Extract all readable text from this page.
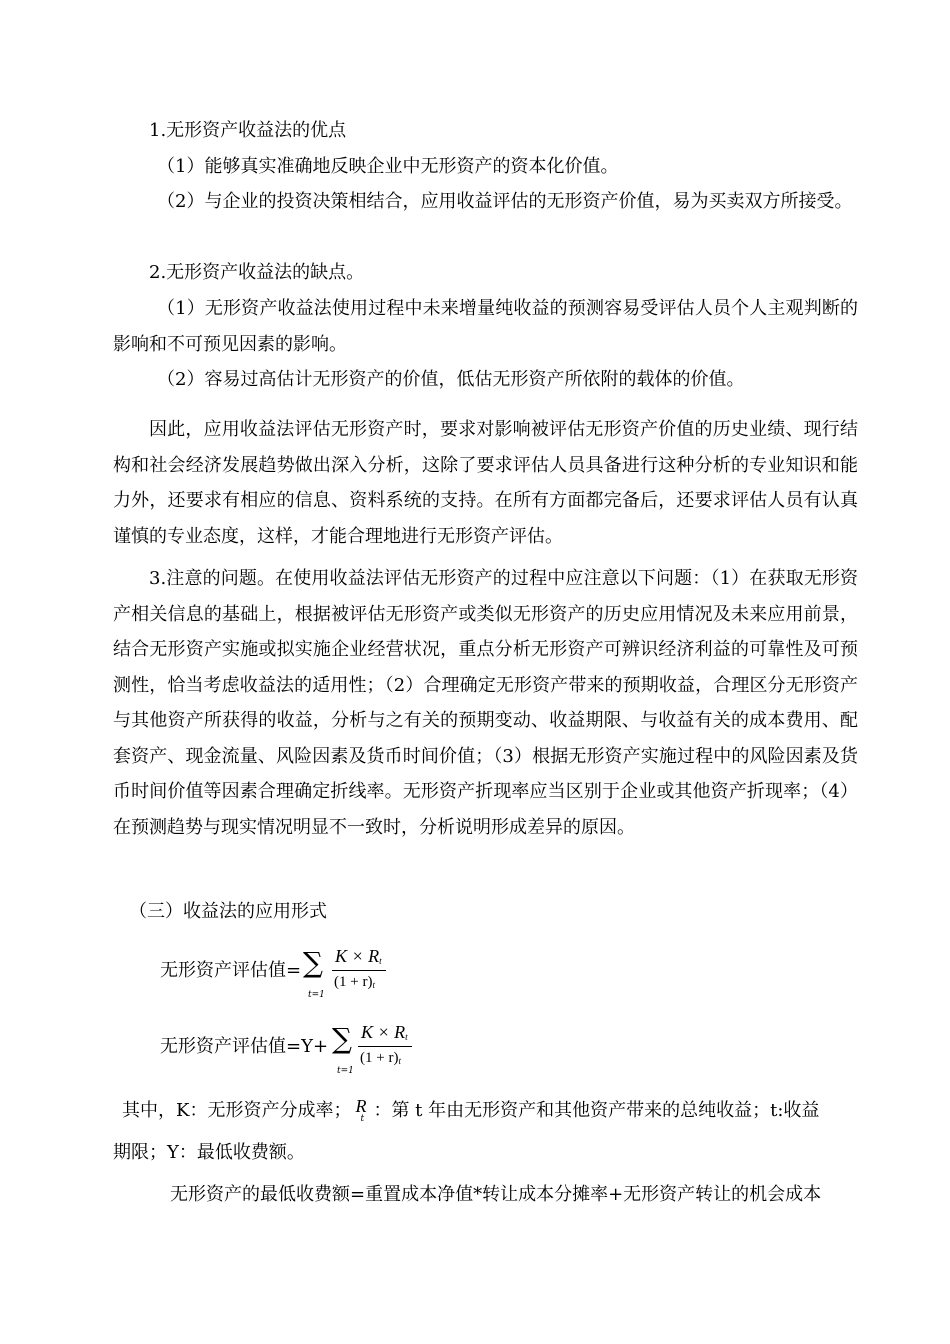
1.无形资产收益法的优点

（1）能够真实准确地反映企业中无形资产的资本化价值。

（2）与企业的投资决策相结合，应用收益评估的无形资产价值，易为买卖双方所接受。

2.无形资产收益法的缺点。

（1）无形资产收益法使用过程中未来增量纯收益的预测容易受评估人员个人主观判断的影响和不可预见因素的影响。

（2）容易过高估计无形资产的价值，低估无形资产所依附的载体的价值。

因此，应用收益法评估无形资产时，要求对影响被评估无形资产价值的历史业绩、现行结构和社会经济发展趋势做出深入分析，这除了要求评估人员具备进行这种分析的专业知识和能力外，还要求有相应的信息、资料系统的支持。在所有方面都完备后，还要求评估人员有认真谨慎的专业态度，这样，才能合理地进行无形资产评估。

3.注意的问题。在使用收益法评估无形资产的过程中应注意以下问题：（1）在获取无形资产相关信息的基础上，根据被评估无形资产或类似无形资产的历史应用情况及未来应用前景，结合无形资产实施或拟实施企业经营状况，重点分析无形资产可辨识经济利益的可靠性及可预测性，恰当考虑收益法的适用性；（2）合理确定无形资产带来的预期收益，合理区分无形资产与其他资产所获得的收益，分析与之有关的预期变动、收益期限、与收益有关的成本费用、配套资产、现金流量、风险因素及货币时间价值；（3）根据无形资产实施过程中的风险因素及货币时间价值等因素合理确定折线率。无形资产折现率应当区别于企业或其他资产折现率；（4）在预测趋势与现实情况明显不一致时，分析说明形成差异的原因。

（三）收益法的应用形式

无形资产评估值= ∑
t=1
K × Rt
(1 + r)t
无形资产评估值=Y+ ∑
t=1
K × Rt
(1 + r)t
其中，K：无形资产分成率； R
t ：第 t 年由无形资产和其他资产带来的总纯收益；t:收益
期限；Y：最低收费额。
无形资产的最低收费额=重置成本净值*转让成本分摊率+无形资产转让的机会成本
